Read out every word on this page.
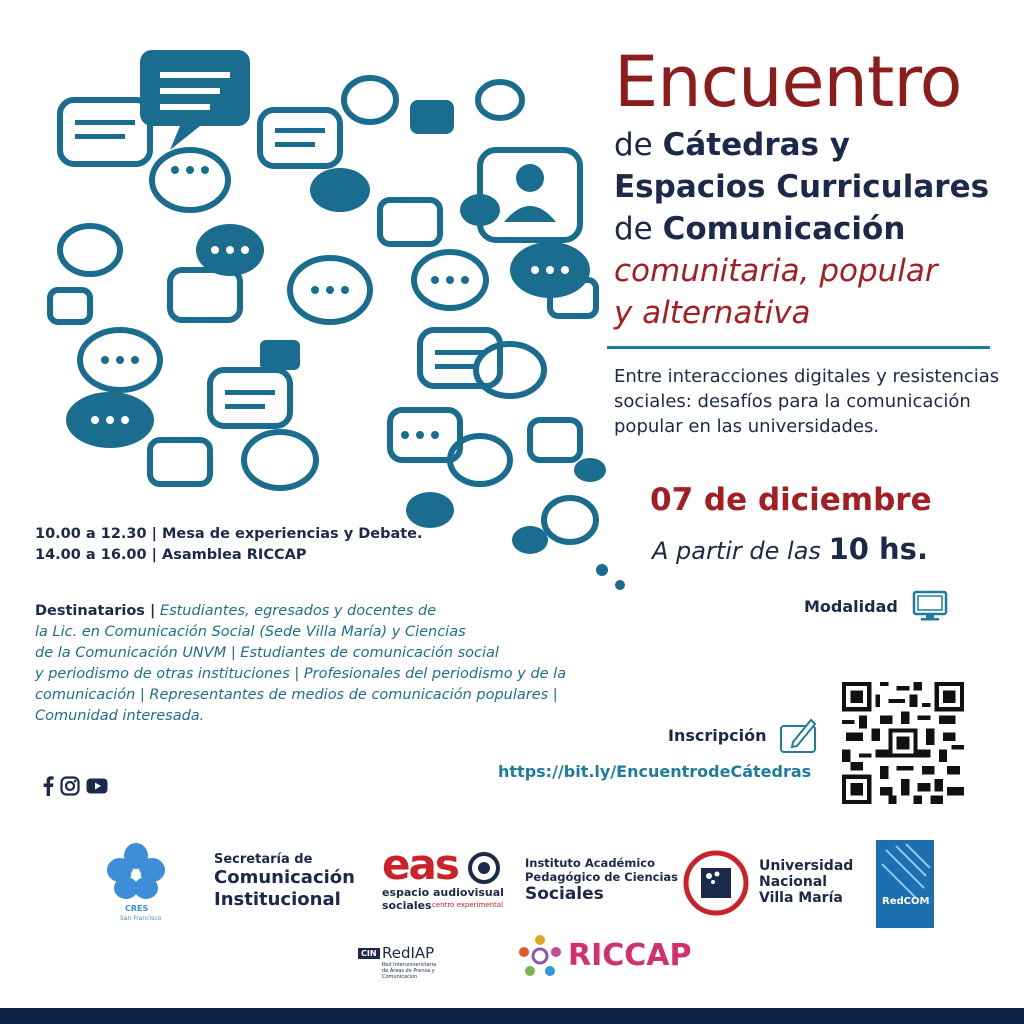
Encuentro
de Cátedras y
Espacios Curriculares
de Comunicación
comunitaria, popular
y alternativa
Entre interacciones digitales y resistencias sociales: desafíos para la comunicación popular en las universidades.
07 de diciembre
A partir de las 10 hs.
Modalidad
10.00 a 12.30 | Mesa de experiencias y Debate.
14.00 a 16.00 | Asamblea RICCAP
Destinatarios | Estudiantes, egresados y docentes de
la Lic. en Comunicación Social (Sede Villa María) y Ciencias
de la Comunicación UNVM | Estudiantes de comunicación social
y periodismo de otras instituciones | Profesionales del periodismo y de la
comunicación | Representantes de medios de comunicación populares |
Comunidad interesada.
Inscripción
https://bit.ly/EncuentrodeCátedras
CRES
San Francisco
Secretaría de
Comunicación
Institucional
eas
espacio audiovisual
sociales centro experimental
Instituto Académico
Pedagógico de Ciencias
Sociales
Universidad
Nacional
Villa María	RedCOM
CIN RedIAP
Red Interuniversitaria
de Áreas de Prensa y
Comunicación
RICCAP
